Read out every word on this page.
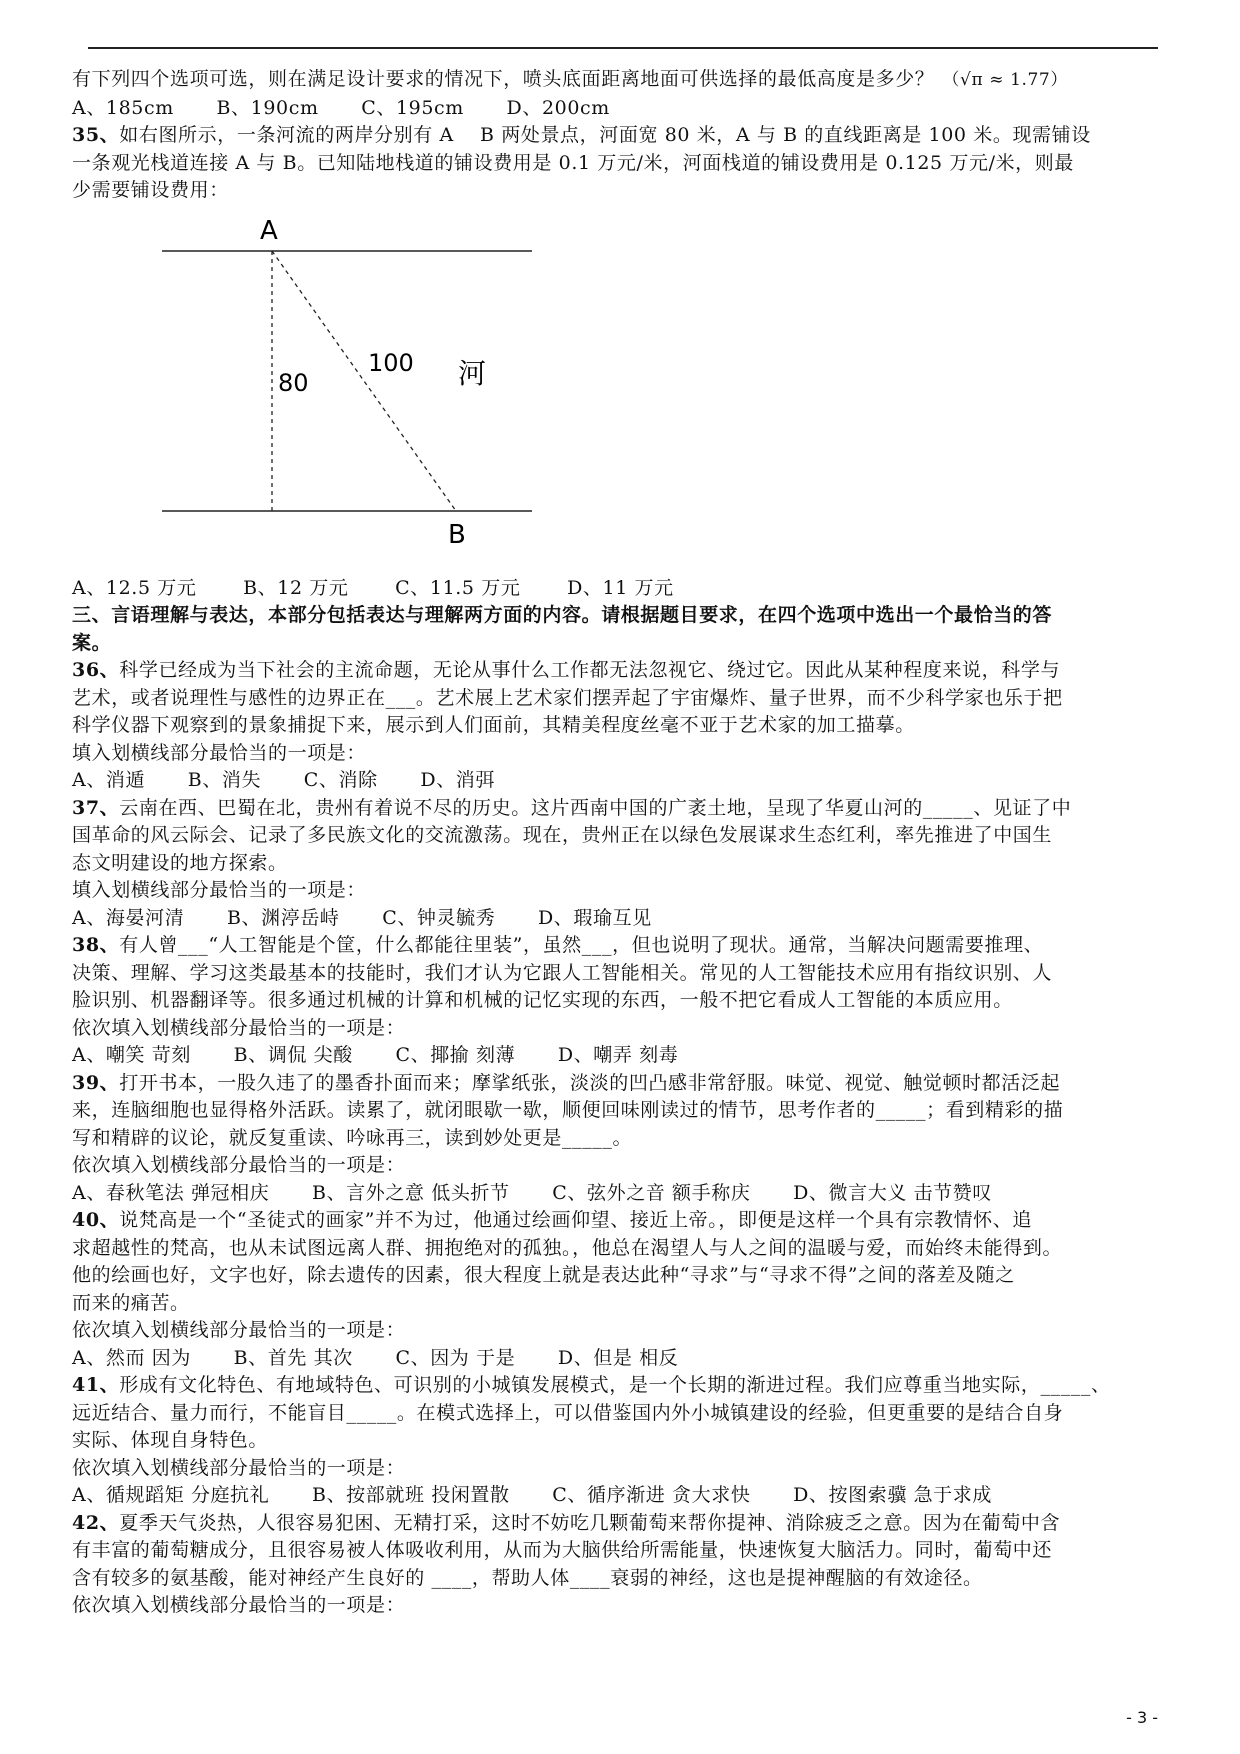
有下列四个选项可选，则在满足设计要求的情况下，喷头底面距离地面可供选择的最低高度是多少？ （√π ≈ 1.77）
A、185cm B、190cm C、195cm D、200cm
35、如右图所示，一条河流的两岸分别有 A　 B 两处景点，河面宽 80 米，A 与 B 的直线距离是 100 米。现需铺设
一条观光栈道连接 A 与 B。已知陆地栈道的铺设费用是 0.1 万元/米，河面栈道的铺设费用是 0.125 万元/米，则最
少需要铺设费用：
A
B
80
100 河
A、12.5 万元 B、12 万元 C、11.5 万元 D、11 万元
三、言语理解与表达，本部分包括表达与理解两方面的内容。请根据题目要求，在四个选项中选出一个最恰当的答
案。
36、科学已经成为当下社会的主流命题，无论从事什么工作都无法忽视它、绕过它。因此从某种程度来说，科学与
艺术，或者说理性与感性的边界正在___。艺术展上艺术家们摆弄起了宇宙爆炸、量子世界，而不少科学家也乐于把
科学仪器下观察到的景象捕捉下来，展示到人们面前，其精美程度丝毫不亚于艺术家的加工描摹。
填入划横线部分最恰当的一项是：
A、消遁 B、消失 C、消除 D、消弭
37、云南在西、巴蜀在北，贵州有着说不尽的历史。这片西南中国的广袤土地，呈现了华夏山河的_____、见证了中
国革命的风云际会、记录了多民族文化的交流激荡。现在，贵州正在以绿色发展谋求生态红利，率先推进了中国生
态文明建设的地方探索。
填入划横线部分最恰当的一项是：
A、海晏河清 B、渊渟岳峙 C、钟灵毓秀 D、瑕瑜互见
38、有人曾___“人工智能是个筐，什么都能往里装”，虽然___，但也说明了现状。通常，当解决问题需要推理、
决策、理解、学习这类最基本的技能时，我们才认为它跟人工智能相关。常见的人工智能技术应用有指纹识别、人
脸识别、机器翻译等。很多通过机械的计算和机械的记忆实现的东西，一般不把它看成人工智能的本质应用。
依次填入划横线部分最恰当的一项是：
A、嘲笑 苛刻 B、调侃 尖酸 C、揶揄 刻薄 D、嘲弄 刻毒
39、打开书本，一股久违了的墨香扑面而来；摩挲纸张，淡淡的凹凸感非常舒服。味觉、视觉、触觉顿时都活泛起
来，连脑细胞也显得格外活跃。读累了，就闭眼歇一歇，顺便回味刚读过的情节，思考作者的_____；看到精彩的描
写和精辟的议论，就反复重读、吟咏再三，读到妙处更是_____。
依次填入划横线部分最恰当的一项是：
A、春秋笔法 弹冠相庆 B、言外之意 低头折节 C、弦外之音 额手称庆 D、微言大义 击节赞叹
40、说梵高是一个“圣徒式的画家”并不为过，他通过绘画仰望、接近上帝。，即便是这样一个具有宗教情怀、追
求超越性的梵高，也从未试图远离人群、拥抱绝对的孤独。，他总在渴望人与人之间的温暖与爱，而始终未能得到。
他的绘画也好，文字也好，除去遗传的因素，很大程度上就是表达此种“寻求”与“寻求不得”之间的落差及随之
而来的痛苦。
依次填入划横线部分最恰当的一项是：
A、然而 因为 B、首先 其次 C、因为 于是 D、但是 相反
41、形成有文化特色、有地域特色、可识别的小城镇发展模式，是一个长期的渐进过程。我们应尊重当地实际，_____、
远近结合、量力而行，不能盲目_____。在模式选择上，可以借鉴国内外小城镇建设的经验，但更重要的是结合自身
实际、体现自身特色。
依次填入划横线部分最恰当的一项是：
A、循规蹈矩 分庭抗礼 B、按部就班 投闲置散 C、循序渐进 贪大求快 D、按图索骥 急于求成
42、夏季天气炎热，人很容易犯困、无精打采，这时不妨吃几颗葡萄来帮你提神、消除疲乏之意。因为在葡萄中含
有丰富的葡萄糖成分，且很容易被人体吸收利用，从而为大脑供给所需能量，快速恢复大脑活力。同时，葡萄中还
含有较多的氨基酸，能对神经产生良好的 ____，帮助人体____衰弱的神经，这也是提神醒脑的有效途径。
依次填入划横线部分最恰当的一项是：
- 3 -
